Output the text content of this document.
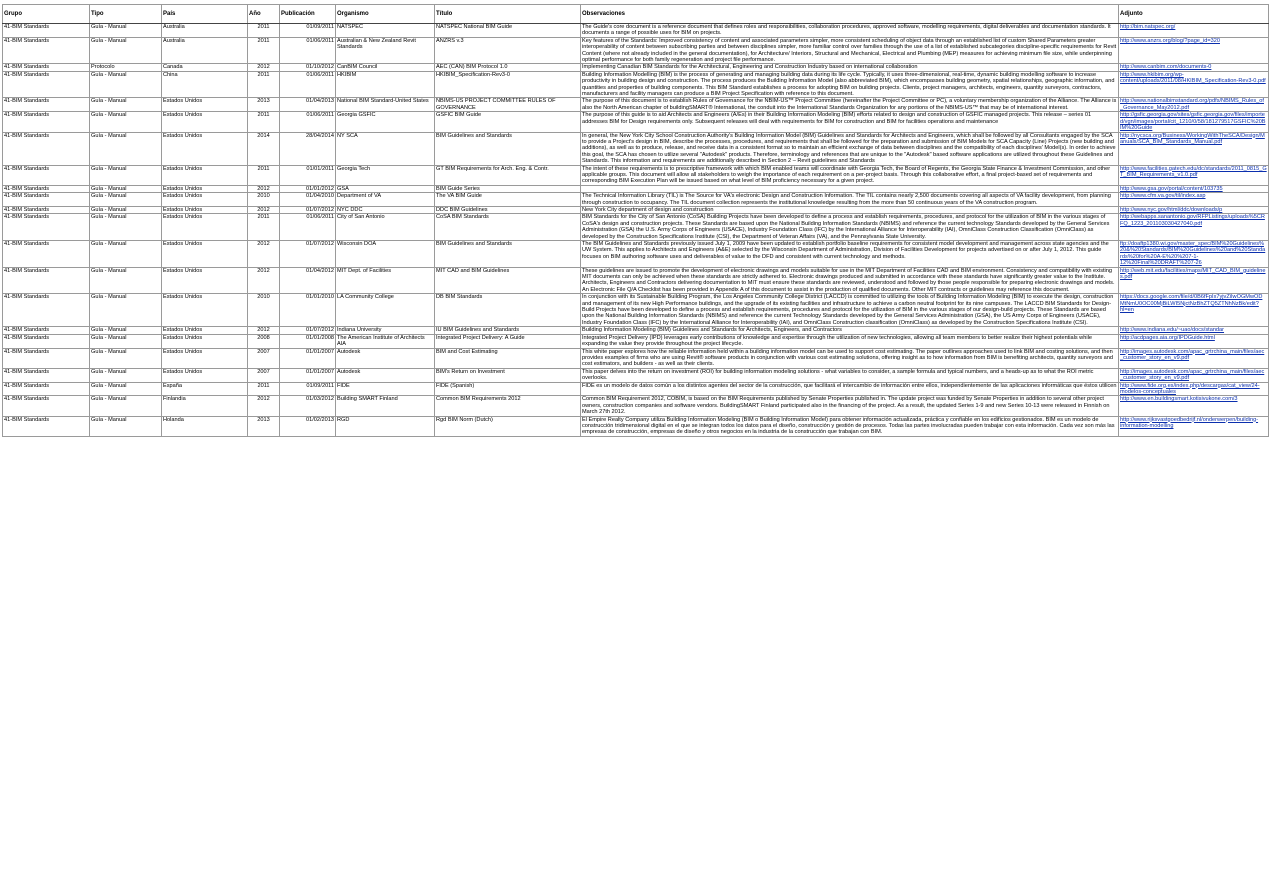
Grupo	Tipo	País	Año	Publicación	Organismo	Título	Observaciones	Adjunto
41-BIM Standards	Guía - Manual	Australia	2011	01/09/2011	NATSPEC	NATSPEC National BIM Guide	The Guide's core document is a reference document that defines roles and responsibilities, collaboration procedures, approved software, modelling requirements, digital deliverables and documentation standards. It documents a range of possible uses for BIM on projects.	http://bim.natspec.org/
41-BIM Standards	Guía - Manual	Australia	2011	01/06/2011	Australian & New Zealand Revit Standards	ANZRS v.3	Key features of the Standards: Improved consistency of content and associated parameters simpler, more consistent scheduling of object data through an established list of custom Shared Parameters greater interoperability of content between subscribing parties and between disciplines simpler, more familiar control over families through the use of a list of established subcategories discipline-specific requirements for Revit Content (where not already included in the general documentation), for Architecture/ Interiors, Structural and Mechanical, Electrical and Plumbing (MEP) measures for achieving minimum file size, while underpinning optimal performance for both family regeneration and project file performance.	http://www.anzrs.org/blog/?page_id=320
41-BIM Standards	Protocolo	Canada	2012	01/10/2012	CanBIM Council	AEC (CAN) BIM Protocol 1.0	Implementing Canadian BIM Standards for the Architectural, Engineering and Construction Industry based on international collaboration	http://www.canbim.com/documents-0
41-BIM Standards	Guía - Manual	China	2011	01/06/2011	HKIBIM	HKIBIM_Specification-Rev3-0	Building Information Modelling (BIM) is the process of generating and managing building data during its life cycle. Typically, it uses three-dimensional, real-time, dynamic building modelling software to increase productivity in building design and construction. The process produces the Building Information Model (also abbreviated BIM), which encompasses building geometry, spatial relationships, geographic information, and quantities and properties of building components. This BIM Standard establishes a process for adopting BIM on building projects. Clients, project managers, architects, engineers, quantity surveyors, contractors, manufacturers and facility managers can produce a BIM Project Specification with reference to this document.	http://www.hkibim.org/wp-content/uploads/2011/08/HKIBIM_Specification-Rev3-0.pdf
41-BIM Standards	Guía - Manual	Estados Unidos	2013	01/04/2013	National BIM Standard-United States	NBIMS-US PROJECT COMMITTEE RULES OF GOVERNANCE	The purpose of this document is to establish Rules of Governance for the NBIM-US™ Project Committee (hereinafter the Project Committee or PC), a voluntary membership organization of the Alliance. The Alliance is also the North American chapter of buildingSMART® International, the conduit into the International Standards Organization for any portions of the NBIMS-US™ that may be of international interest.	http://www.nationalbimstandard.org/pdfs/NBIMS_Rules_of_Governance_May2012.pdf
41-BIM Standards	Guía - Manual	Estados Unidos	2011	01/06/2011	Georgia GSFIC	GSFIC BIM Guide	The purpose of this guide is to aid Architects and Engineers (A/Es) in their Building Information Modeling (BIM) efforts related to design and construction of GSFIC managed projects. This release – series 01 addresses BIM for Design requirements only. Subsequent releases will deal with requirements for BIM for construction and BIM for facilities operations and maintenance	http://gsfic.georgia.gov/sites/gsfic.georgia.gov/files/imported/vgn/images/portal/cit_1210/0/58/181279517GSFIC%20BIM%20Guide
41-BIM Standards	Guía - Manual	Estados Unidos	2014	28/04/2014	NY SCA	BIM Guidelines and Standards	In general, the New York City School Construction Authority's Building Information Model (BIM) Guidelines and Standards for Architects and Engineers, which shall be followed by all Consultants engaged by the SCA to provide a Project's design in BIM, describe the processes, procedures, and requirements that shall be followed for the preparation and submission of BIM Models for SCA Capacity (Line) Projects (new building and additions), as well as to produce, release, and receive data in a consistent format so to maintain an efficient exchange of data between disciplines and the compatibility of each disciplines' Model(s). In order to achieve this goal, the SCA has chosen to utilize several "Autodesk" products. Therefore, terminology and references that are unique to the "Autodesk" based software applications are utilized throughout these Guidelines and Standards. This information and requirements are additionally described in Section 2 – Revit guidelines and Standards	http://nycsca.org/Business/WorkingWithTheSCA/Design/Manuals/SCA_BIM_Standards_Manual.pdf
41-BIM Standards	Guía - Manual	Estados Unidos	2011	01/01/2011	Georgia Tech	GT BIM Requirements for Arch. Eng. & Contr.	The intent of these requirements is to prescriptive framework with which BIM enabled teams will coordinate with Georgia Tech, the Board of Regents, the Georgia State Finance & Investment Commission, and other applicable groups. This document will allow all stakeholders to weigh the importance of each requirement on a per-project basis. Through this collaborative effort, a final project-based set of requirements and corresponding BIM Execution Plan will be issued based on what level of BIM proficiency necessary for a given project.	http://www.facilities.gatech.edu/dc/standards/2011_0815_GT_BIM_Requirements_v1.0.pdf
41-BIM Standards	Guía - Manual	Estados Unidos	2012	01/01/2012	GSA	BIM Guide Series		http://www.gsa.gov/portal/content/103735
41-BIM Standards	Guía - Manual	Estados Unidos	2010	01/04/2010	Department of VA	The VA BIM Guide	The Technical Information Library (TIL) is The Source for VA's electronic Design and Construction Information. The TIL contains nearly 2,500 documents covering all aspects of VA facility development, from planning through construction to occupancy. The TIL document collection represents the institutional knowledge resulting from the more than 50 continuous years of the VA construction program.	http://www.cfm.va.gov/til/index.asp
41-BIM Standards	Guía - Manual	Estados Unidos	2012	01/07/2012	NYC DDC	DDC BIM Guidelines	New York City department of design and construction	http://www.nyc.gov/html/ddc/downloads/p
41-BIM Standards	Guía - Manual	Estados Unidos	2011	01/06/2011	City of San Antonio	CoSA BIM Standards	BIM Standards for the City of San Antonio (CoSA) Building Projects have been developed to define a process and establish requirements, procedures, and protocol for the utilization of BIM in the various stages of CoSA's design and construction projects. These Standards are based upon the National Building Information Standards (NBIMS) and reference the current technology Standards developed by the General Services Administration (GSA) the U.S. Army Corps of Engineers (USACE), Industry Foundation Class (IFC) by the International Alliance for Interoperability (IAI), OmniClass Construction Classification (OmniClass) as developed by the Construction Specifications Institute (CSI), the Department of Veteran Affairs (VA), and the Pennsylvania State University.	http://webapps.sanantonio.gov/RFPListings/uploads%5CRFQ_1223_201103030427040.pdf
41-BIM Standards	Guía - Manual	Estados Unidos	2012	01/07/2012	Wisconsin DOA	BIM Guidelines and Standards	The BIM Guidelines and Standards previously issued July 1, 2009 have been updated to establish portfolio baseline requirements for consistent model development and management across state agencies and the UW System. This applies to Architects and Engineers (A&E) selected by the Wisconsin Department of Administration, Division of Facilities Development for projects advertised on or after July 1, 2012. This guide focuses on BIM authoring software uses and deliverables of value to the DFD and consistent with current technology and methods.	ftp://doaftp1380.wi.gov/master_spec/BIM%20Guidelines%20&%20Standards/BIM%20Guidelines%20and%20Standards%20for%20A-E%20%207-1-12%20Final%20DRAFT%207-26
41-BIM Standards	Guía - Manual	Estados Unidos	2012	01/04/2012	MIT Dept. of Facilities	MIT CAD and BIM Guidelines	These guidelines are issued to promote the development of electronic drawings and models suitable for use in the MIT Department of Facilities CAD and BIM environment. Consistency and compatibility with existing MIT documents can only be achieved when these standards are strictly adhered to. Electronic drawings produced and submitted in accordance with these standards have significantly greater value to the Institute. Architects, Engineers and Contractors delivering documentation to MIT must ensure these standards are reviewed, understood and followed by those people responsible for preparing electronic drawings and models. An Electronic File Q/A Checklist has been provided in Appendix A of this document to assist in the production of qualified documents. Other MIT contracts or guidelines may reference this document.	http://web.mit.edu/facilities/maps/MIT_CAD_BIM_guidelines.pdf
41-BIM Standards	Guía - Manual	Estados Unidos	2010	01/01/2010	LA Community College	DB BIM Standards	In conjunction with its Sustainable Building Program, the Los Angeles Community College District (LACCD) is committed to utilizing the tools of Building Information Modeling (BIM) to execute the design, construction and management of its new High Performance buildings, and the upgrade of its existing facilities and infrastructure to achieve a carbon neutral footprint for its nine campuses. The LACCD BIM Standards for Design-Build Projects have been developed to define a process and establish requirements, procedures and protocol for the utilization of BIM in the various stages of our design-build projects. These Standards are based upon the National Building Information Standards (NBIMS) and reference the current Technology Standards developed by the General Services Administration (GSA), the US Army Corps of Engineers (USACE), Industry Foundation Class (IFC) by the International Alliance for Interoperability (IAI), and OmniClass Construction classification (OmniClass) as developed by the Construction Specifications Institute (CSI).	https://docs.google.com/file/d/0B6fFpIx7yjvZiIwOGMwODMtNmU0OC00MjBiLWI5NjctNzBhZTQ5ZTNhNzBk/edit?hl=en
41-BIM Standards	Guía - Manual	Estados Unidos	2012	01/07/2012	Indiana University	IU BIM Guidelines and Standards	Building Information Modeling (BIM) Guidelines and Standards for Architects, Engineers, and Contractors	http://www.indiana.edu/~uao/docs/standar
41-BIM Standards	Guía - Manual	Estados Unidos	2008	01/01/2008	The American Institute of Architects AIA	Integrated Project Delivery: A Guide	Integrated Project Delivery (IPD) leverages early contributions of knowledge and expertise through the utilization of new technologies, allowing all team members to better realize their highest potentials while expanding the value they provide throughout the project lifecycle.	http://acdpages.aia.org/IPDGuide.html
41-BIM Standards	Guía - Manual	Estados Unidos	2007	01/01/2007	Autodesk	BIM and Cost Estimating	This white paper explores how the reliable information held within a building information model can be used to support cost estimating. The paper outlines approaches used to link BIM and costing solutions, and then provides examples of firms who are using Revit® software products in conjunction with various cost estimating solutions, offering insight as to how information from BIM is benefiting architects, quantity surveyors and cost estimators, and builders - as well as their clients.	http://images.autodesk.com/apac_grtrchina_main/files/aec_customer_story_en_v9.pdf
41-BIM Standards	Guía - Manual	Estados Unidos	2007	01/01/2007	Autodesk	BIM's Return on Investment	This paper delves into the return on investment (ROI) for building information modeling solutions - what variables to consider, a sample formula and typical numbers, and a heads-up as to what the ROI metric overlooks.	http://images.autodesk.com/apac_grtrchina_main/files/aec_customer_story_en_v9.pdf
41-BIM Standards	Guía - Manual	España	2011	01/09/2011	FIDE	FIDE (Spanish)	FIDE es un modelo de datos común a los distintos agentes del sector de la construcción, que facilitará el intercambio de información entre ellos, independientemente de las aplicaciones informáticas que éstos utilicen	http://www.fide.org.es/index.php/descargas/cat_view/24-modelos-conceptuales
41-BIM Standards	Guía - Manual	Finlandia	2012	01/03/2012	Building SMART Finland	Common BIM Requirements 2012	Common BIM Requirement 2012, COBIM, is based on the BIM Requirements published by Senate Properties published in. The update project was funded by Senate Properties in addition to several other project owners, construction companies and software vendors. BuildingSMART Finland participated also in the financing of the project. As a result, the updated Series 1-9 and new Series 10-13 were released in Finnish on March 27th 2012.	http://www.en.buildingsmart.kotisivukone.com/3
41-BIM Standards	Guía - Manual	Holanda	2013	01/02/2013	RGD	Rgd BIM Norm (Dutch)	El Empire Realty Company utiliza Building Information Modeling (BIM o Building Information Model) para obtener información actualizada, práctica y confiable en los edificios gestionados. BIM es un modelo de construcción tridimensional digital en el que se integran todos los datos para el diseño, construcción y gestión de procesos. Todas las partes involucradas pueden trabajar con esta información. Cada vez son más las empresas de construcción, empresas de diseño y otros negocios en la industria de la construcción que trabajan con BIM.	http://www.rijksvastgoedbedrijf.nl/onderwerpen/building-information-modelling
